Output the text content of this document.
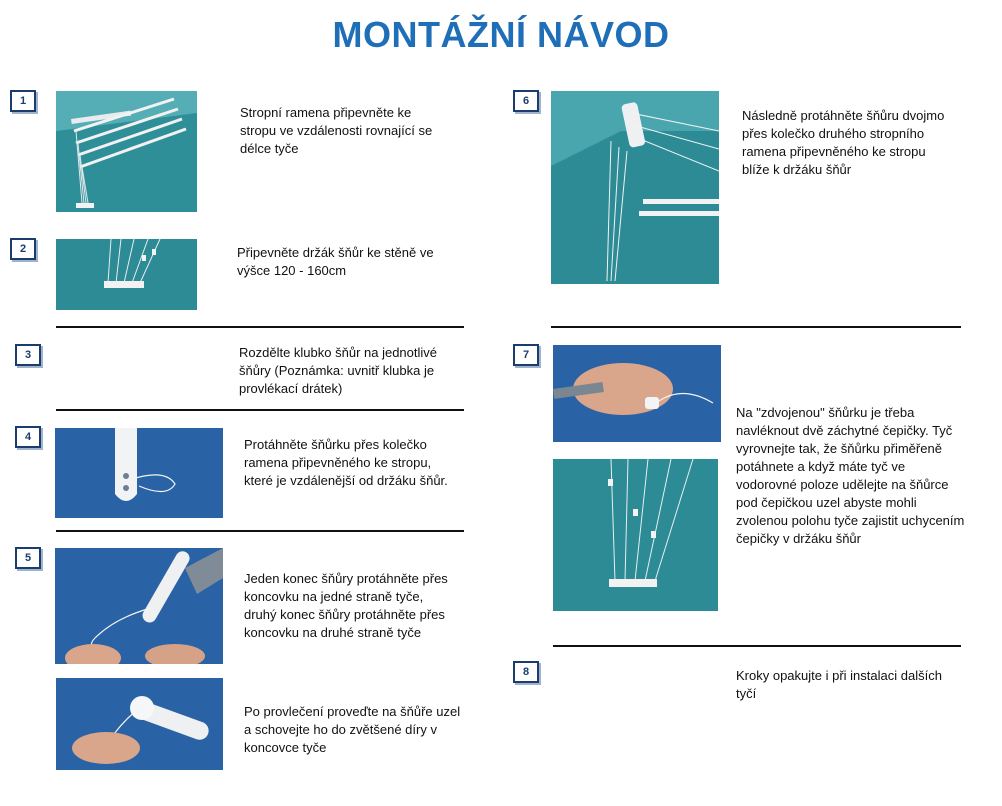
MONTÁŽNÍ NÁVOD
1
Stropní ramena připevněte ke
stropu ve vzdálenosti rovnající se
délce tyče
2	Připevněte držák šňůr ke stěně ve
výšce 120 - 160cm
3	Rozdělte klubko šňůr na jednotlivé
šňůry (Poznámka: uvnitř klubka je
provlékací drátek)
4	Protáhněte šňůrku přes kolečko
ramena připevněného ke stropu,
které je vzdálenější od držáku šňůr.
5
Jeden konec šňůry protáhněte přes
koncovku na jedné straně tyče,
druhý konec šňůry protáhněte přes
koncovku na druhé straně tyče
Po provlečení proveďte na šňůře uzel
a schovejte ho do zvětšené díry v
koncovce tyče
6
Následně protáhněte šňůru dvojmo
přes kolečko druhého stropního
ramena připevněného ke stropu
blíže k držáku šňůr
7
Na "zdvojenou" šňůrku je třeba
navléknout dvě záchytné čepičky. Tyč
vyrovnejte tak, že šňůrku přiměřeně
potáhnete a když máte tyč ve
vodorovné poloze udělejte na šňůrce
pod čepičkou uzel abyste mohli
zvolenou polohu tyče zajistit uchycením
čepičky v držáku šňůr
8	Kroky opakujte i při instalaci dalších
tyčí
